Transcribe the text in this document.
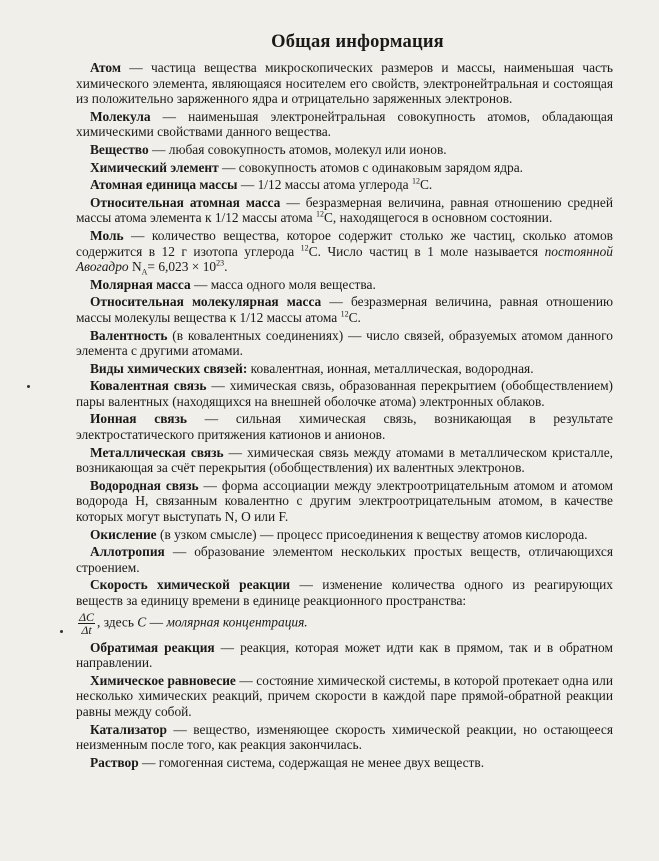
Общая информация

Атом — частица вещества микроскопических размеров и массы, наименьшая часть химического элемента, являющаяся носителем его свойств, электронейтральная и состоящая из положительно заряженного ядра и отрицательно заряженных электронов.

Молекула — наименьшая электронейтральная совокупность атомов, обладающая химическими свойствами данного вещества.

Вещество — любая совокупность атомов, молекул или ионов.

Химический элемент — совокупность атомов с одинаковым зарядом ядра.

Атомная единица массы — 1/12 массы атома углерода $^{12}$C.

Относительная атомная масса — безразмерная величина, равная отношению средней массы атома элемента к 1/12 массы атома $^{12}$C, находящегося в основном состоянии.

Моль — количество вещества, которое содержит столько же частиц, сколько атомов содержится в 12 г изотопа углерода $^{12}$C. Число частиц в 1 моле называется постоянной Авогадро $N_A= 6,023 \times 10^{23}$.

Молярная масса — масса одного моля вещества.

Относительная молекулярная масса — безразмерная величина, равная отношению массы молекулы вещества к 1/12 массы атома $^{12}$C.

Валентность (в ковалентных соединениях) — число связей, образуемых атомом данного элемента с другими атомами.

Виды химических связей: ковалентная, ионная, металлическая, водородная.

Ковалентная связь — химическая связь, образованная перекрытием (обобществлением) пары валентных (находящихся на внешней оболочке атома) электронных облаков.

Ионная связь — сильная химическая связь, возникающая в результате электростатического притяжения катионов и анионов.

Металлическая связь — химическая связь между атомами в металлическом кристалле, возникающая за счёт перекрытия (обобществления) их валентных электронов.

Водородная связь — форма ассоциации между электроотрицательным атомом и атомом водорода H, связанным ковалентно с другим электроотрицательным атомом, в качестве которых могут выступать N, O или F.

Окисление (в узком смысле) — процесс присоединения к веществу атомов кислорода.

Аллотропия — образование элементом нескольких простых веществ, отличающихся строением.

Скорость химической реакции — изменение количества одного из реагирующих веществ за единицу времени в единице реакционного пространства:

$\frac{\Delta C}{\Delta t}$ , здесь C — молярная концентрация.

Обратимая реакция — реакция, которая может идти как в прямом, так и в обратном направлении.

Химическое равновесие — состояние химической системы, в которой протекает одна или несколько химических реакций, причем скорости в каждой паре прямой-обратной реакции равны между собой.

Катализатор — вещество, изменяющее скорость химической реакции, но остающееся неизменным после того, как реакция закончилась.

Раствор — гомогенная система, содержащая не менее двух веществ.
